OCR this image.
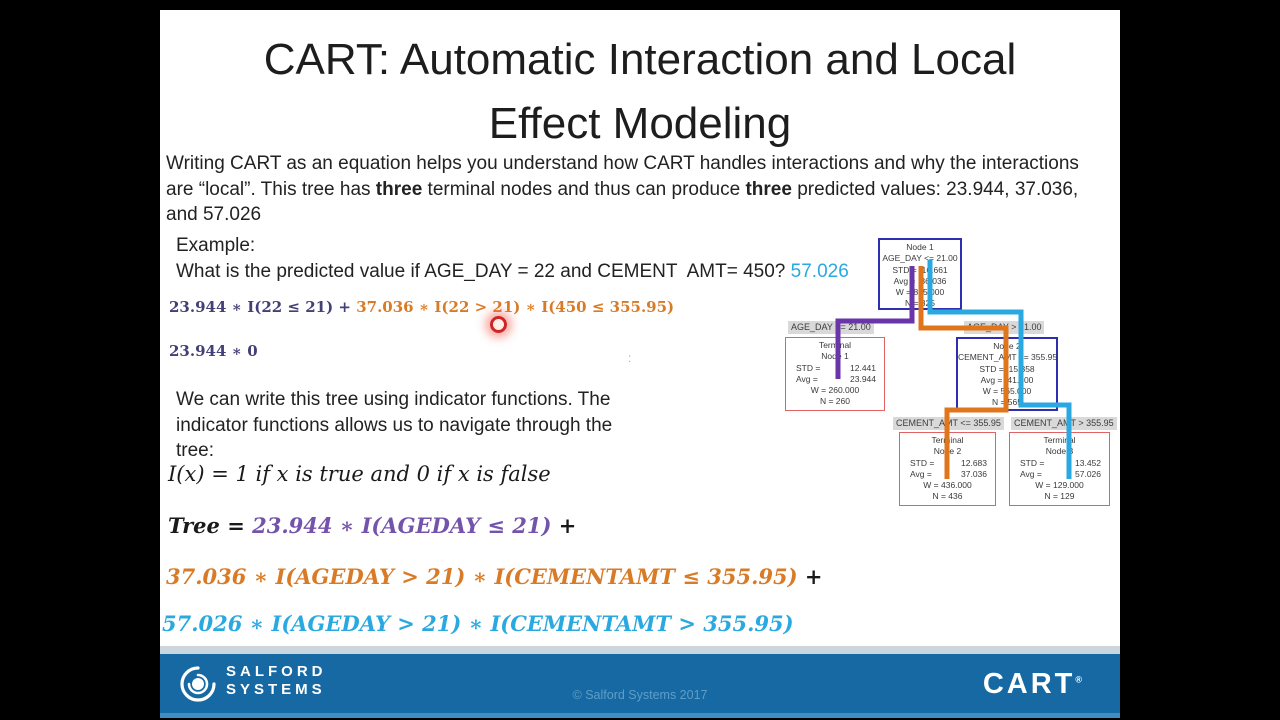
CART: Automatic Interaction and Local
Effect Modeling
Writing CART as an equation helps you understand how CART handles interactions and why the interactions are “local”. This tree has three terminal nodes and thus can produce three predicted values: 23.944, 37.036, and 57.026
Example:
What is the predicted value if AGE_DAY = 22 and CEMENT  AMT= 450? 57.026
23.944 ∗ I(22 ≤ 21) + 37.036 ∗ I(22 > 21) ∗ I(450 ≤ 355.95)
23.944 ∗ 0	:
We can write this tree using indicator functions. The indicator functions allows us to navigate through the tree:
I(x) = 1 if x is true and 0 if x is false
Tree = 23.944 ∗ I(AGEDAY ≤ 21) +
37.036 ∗ I(AGEDAY > 21) ∗ I(CEMENTAMT ≤ 355.95) +
57.026 ∗ I(AGEDAY > 21) ∗ I(CEMENTAMT > 355.95)
Node 1
AGE_DAY <= 21.00
STD = 16.661
Avg = 36.036
W = 825.000
N = 825
AGE_DAY <= 21.00	AGE_DAY > 21.00
Terminal
Node 1
STD =	12.441
Avg =	23.944
W = 260.000
N = 260
Node 2
CEMENT_AMT <= 355.95
STD = 15.358
Avg = 41.600
W = 565.000
N = 565
CEMENT_AMT <= 355.95	CEMENT_AMT > 355.95
Terminal
Node 2
STD =	12.683
Avg =	37.036
W = 436.000
N = 436
Terminal
Node 3
STD =	13.452
Avg =	57.026
W = 129.000
N = 129
SALFORD
SYSTEMS	© Salford Systems 2017	CART®
